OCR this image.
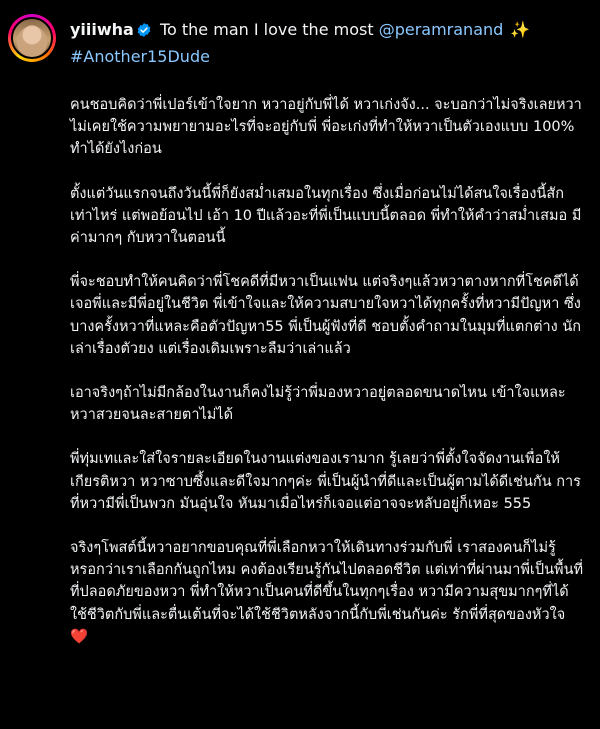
yiiiwha To the man I love the most @peramranand ✨
#Another15Dude

คนชอบคิดว่าพี่เปอร์เข้าใจยาก หวาอยู่กับพี่ได้ หวาเก่งจัง... จะบอกว่าไม่จริงเลยหวาไม่เคยใช้ความพยายามอะไรที่จะอยู่กับพี่ พี่อะเก่งที่ทำให้หวาเป็นตัวเองแบบ 100% ทำได้ยังไงก่อน

ตั้งแต่วันแรกจนถึงวันนี้พี่ก็ยังสม่ำเสมอในทุกเรื่อง ซึ่งเมื่อก่อนไม่ได้สนใจเรื่องนี้สักเท่าไหร่ แต่พอย้อนไป เอ้า 10 ปีแล้วอะที่พี่เป็นแบบนี้ตลอด พี่ทำให้คำว่าสม่ำเสมอ มีค่ามากๆ กับหวาในตอนนี้

พี่จะชอบทำให้คนคิดว่าพี่โชคดีที่มีหวาเป็นแฟน แต่จริงๆแล้วหวาตางหากที่โชคดีได้เจอพี่และมีพี่อยู่ในชีวิต พี่เข้าใจและให้ความสบายใจหวาได้ทุกครั้งที่หวามีปัญหา ซึ่งบางครั้งหวาที่แหละคือตัวปัญหา55 พี่เป็นผู้ฟังที่ดี ชอบตั้งคำถามในมุมที่แตกต่าง นักเล่าเรื่องตัวยง แต่เรื่องเดิมเพราะลืมว่าเล่าแล้ว

เอาจริงๆถ้าไม่มีกล้องในงานก็คงไม่รู้ว่าพี่มองหวาอยู่ตลอดขนาดไหน เข้าใจแหละหวาสวยจนละสายตาไม่ได้

พี่ทุ่มเทและใส่ใจรายละเอียดในงานแต่งของเรามาก รู้เลยว่าพี่ตั้งใจจัดงานเพื่อให้เกียรติหวา หวาซาบซึ้งและดีใจมากๆค่ะ พี่เป็นผู้นำที่ดีและเป็นผู้ตามได้ดีเช่นกัน การที่หวามีพี่เป็นพวก มันอุ่นใจ หันมาเมื่อไหร่ก็เจอแต่อาจจะหลับอยู่ก็เหอะ 555

จริงๆโพสต์นี้หวาอยากขอบคุณที่พี่เลือกหวาให้เดินทางร่วมกับพี่ เราสองคนก็ไม่รู้หรอกว่าเราเลือกกันถูกไหม คงต้องเรียนรู้กันไปตลอดชีวิต แต่เท่าที่ผ่านมาพี่เป็นพื้นที่ที่ปลอดภัยของหวา พี่ทำให้หวาเป็นคนที่ดีขึ้นในทุกๆเรื่อง หวามีความสุขมากๆที่ได้ใช้ชีวิตกับพี่และตื่นเต้นที่จะได้ใช้ชีวิตหลังจากนี้กับพี่เช่นกันค่ะ รักพี่ที่สุดของหัวใจ ❤️
